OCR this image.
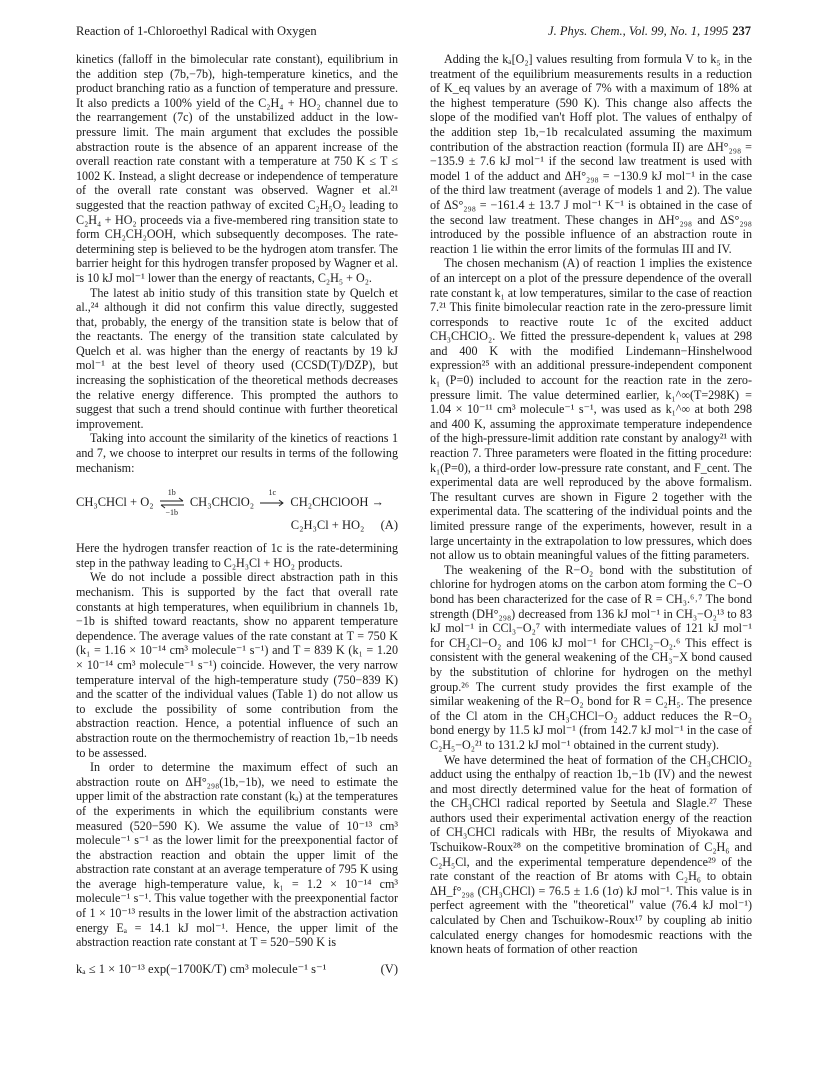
Reaction of 1-Chloroethyl Radical with Oxygen	J. Phys. Chem., Vol. 99, No. 1, 1995 237

kinetics (falloff in the bimolecular rate constant), equilibrium in the addition step (7b,−7b), high-temperature kinetics, and the product branching ratio as a function of temperature and pressure. It also predicts a 100% yield of the C₂H₄ + HO₂ channel due to the rearrangement (7c) of the unstabilized adduct in the low-pressure limit. The main argument that excludes the possible abstraction route is the absence of an apparent increase of the overall reaction rate constant with a temperature at 750 K ≤ T ≤ 1002 K. Instead, a slight decrease or independence of temperature of the overall rate constant was observed. Wagner et al.²¹ suggested that the reaction pathway of excited C₂H₅O₂ leading to C₂H₄ + HO₂ proceeds via a five-membered ring transition state to form CH₂CH₂OOH, which subsequently decomposes. The rate-determining step is believed to be the hydrogen atom transfer. The barrier height for this hydrogen transfer proposed by Wagner et al. is 10 kJ mol⁻¹ lower than the energy of reactants, C₂H₅ + O₂.

The latest ab initio study of this transition state by Quelch et al.,²⁴ although it did not confirm this value directly, suggested that, probably, the energy of the transition state is below that of the reactants. The energy of the transition state calculated by Quelch et al. was higher than the energy of reactants by 19 kJ mol⁻¹ at the best level of theory used (CCSD(T)/DZP), but increasing the sophistication of the theoretical methods decreases the relative energy difference. This prompted the authors to suggest that such a trend should continue with further theoretical improvement.

Taking into account the similarity of the kinetics of reactions 1 and 7, we choose to interpret our results in terms of the following mechanism:

CH₃CHCl + O₂
1b
−1b
CH₃CHClO₂
1c
CH₂CHClOOH →
C₂H₃Cl + HO₂ (A)

Here the hydrogen transfer reaction of 1c is the rate-determining step in the pathway leading to C₂H₃Cl + HO₂ products.

We do not include a possible direct abstraction path in this mechanism. This is supported by the fact that overall rate constants at high temperatures, when equilibrium in channels 1b,−1b is shifted toward reactants, show no apparent temperature dependence. The average values of the rate constant at T = 750 K (k₁ = 1.16 × 10⁻¹⁴ cm³ molecule⁻¹ s⁻¹) and T = 839 K (k₁ = 1.20 × 10⁻¹⁴ cm³ molecule⁻¹ s⁻¹) coincide. However, the very narrow temperature interval of the high-temperature study (750−839 K) and the scatter of the individual values (Table 1) do not allow us to exclude the possibility of some contribution from the abstraction reaction. Hence, a potential influence of such an abstraction route on the thermochemistry of reaction 1b,−1b needs to be assessed.

In order to determine the maximum effect of such an abstraction route on ΔH°₂₉₈(1b,−1b), we need to estimate the upper limit of the abstraction rate constant (kₐ) at the temperatures of the experiments in which the equilibrium constants were measured (520−590 K). We assume the value of 10⁻¹³ cm³ molecule⁻¹ s⁻¹ as the lower limit for the preexponential factor of the abstraction reaction and obtain the upper limit of the abstraction rate constant at an average temperature of 795 K using the average high-temperature value, k₁ = 1.2 × 10⁻¹⁴ cm³ molecule⁻¹ s⁻¹. This value together with the preexponential factor of 1 × 10⁻¹³ results in the lower limit of the abstraction activation energy Eₐ = 14.1 kJ mol⁻¹. Hence, the upper limit of the abstraction reaction rate constant at T = 520−590 K is

kₐ ≤ 1 × 10⁻¹³ exp(−1700K/T) cm³ molecule⁻¹ s⁻¹	(V)

Adding the kₐ[O₂] values resulting from formula V to k₅ in the treatment of the equilibrium measurements results in a reduction of K_eq values by an average of 7% with a maximum of 18% at the highest temperature (590 K). This change also affects the slope of the modified van't Hoff plot. The values of enthalpy of the addition step 1b,−1b recalculated assuming the maximum contribution of the abstraction reaction (formula II) are ΔH°₂₉₈ = −135.9 ± 7.6 kJ mol⁻¹ if the second law treatment is used with model 1 of the adduct and ΔH°₂₉₈ = −130.9 kJ mol⁻¹ in the case of the third law treatment (average of models 1 and 2). The value of ΔS°₂₉₈ = −161.4 ± 13.7 J mol⁻¹ K⁻¹ is obtained in the case of the second law treatment. These changes in ΔH°₂₉₈ and ΔS°₂₉₈ introduced by the possible influence of an abstraction route in reaction 1 lie within the error limits of the formulas III and IV.

The chosen mechanism (A) of reaction 1 implies the existence of an intercept on a plot of the pressure dependence of the overall rate constant k₁ at low temperatures, similar to the case of reaction 7.²¹ This finite bimolecular reaction rate in the zero-pressure limit corresponds to reactive route 1c of the excited adduct CH₃CHClO₂. We fitted the pressure-dependent k₁ values at 298 and 400 K with the modified Lindemann−Hinshelwood expression²⁵ with an additional pressure-independent component k₁ (P=0) included to account for the reaction rate in the zero-pressure limit. The value determined earlier, k₁^∞(T=298K) = 1.04 × 10⁻¹¹ cm³ molecule⁻¹ s⁻¹, was used as k₁^∞ at both 298 and 400 K, assuming the approximate temperature independence of the high-pressure-limit addition rate constant by analogy²¹ with reaction 7. Three parameters were floated in the fitting procedure: k₁(P=0), a third-order low-pressure rate constant, and F_cent. The experimental data are well reproduced by the above formalism. The resultant curves are shown in Figure 2 together with the experimental data. The scattering of the individual points and the limited pressure range of the experiments, however, result in a large uncertainty in the extrapolation to low pressures, which does not allow us to obtain meaningful values of the fitting parameters.

The weakening of the R−O₂ bond with the substitution of chlorine for hydrogen atoms on the carbon atom forming the C−O bond has been characterized for the case of R = CH₃.⁶˒⁷ The bond strength (DH°₂₉₈) decreased from 136 kJ mol⁻¹ in CH₃−O₂¹³ to 83 kJ mol⁻¹ in CCl₃−O₂⁷ with intermediate values of 121 kJ mol⁻¹ for CH₂Cl−O₂ and 106 kJ mol⁻¹ for CHCl₂−O₂.⁶ This effect is consistent with the general weakening of the CH₃−X bond caused by the substitution of chlorine for hydrogen on the methyl group.²⁶ The current study provides the first example of the similar weakening of the R−O₂ bond for R = C₂H₅. The presence of the Cl atom in the CH₃CHCl−O₂ adduct reduces the R−O₂ bond energy by 11.5 kJ mol⁻¹ (from 142.7 kJ mol⁻¹ in the case of C₂H₅−O₂²¹ to 131.2 kJ mol⁻¹ obtained in the current study).

We have determined the heat of formation of the CH₃CHClO₂ adduct using the enthalpy of reaction 1b,−1b (IV) and the newest and most directly determined value for the heat of formation of the CH₃CHCl radical reported by Seetula and Slagle.²⁷ These authors used their experimental activation energy of the reaction of CH₃CHCl radicals with HBr, the results of Miyokawa and Tschuikow-Roux²⁸ on the competitive bromination of C₂H₆ and C₂H₅Cl, and the experimental temperature dependence²⁹ of the rate constant of the reaction of Br atoms with C₂H₆ to obtain ΔH_f°₂₉₈ (CH₃CHCl) = 76.5 ± 1.6 (1σ) kJ mol⁻¹. This value is in perfect agreement with the "theoretical" value (76.4 kJ mol⁻¹) calculated by Chen and Tschuikow-Roux¹⁷ by coupling ab initio calculated energy changes for homodesmic reactions with the known heats of formation of other reaction
